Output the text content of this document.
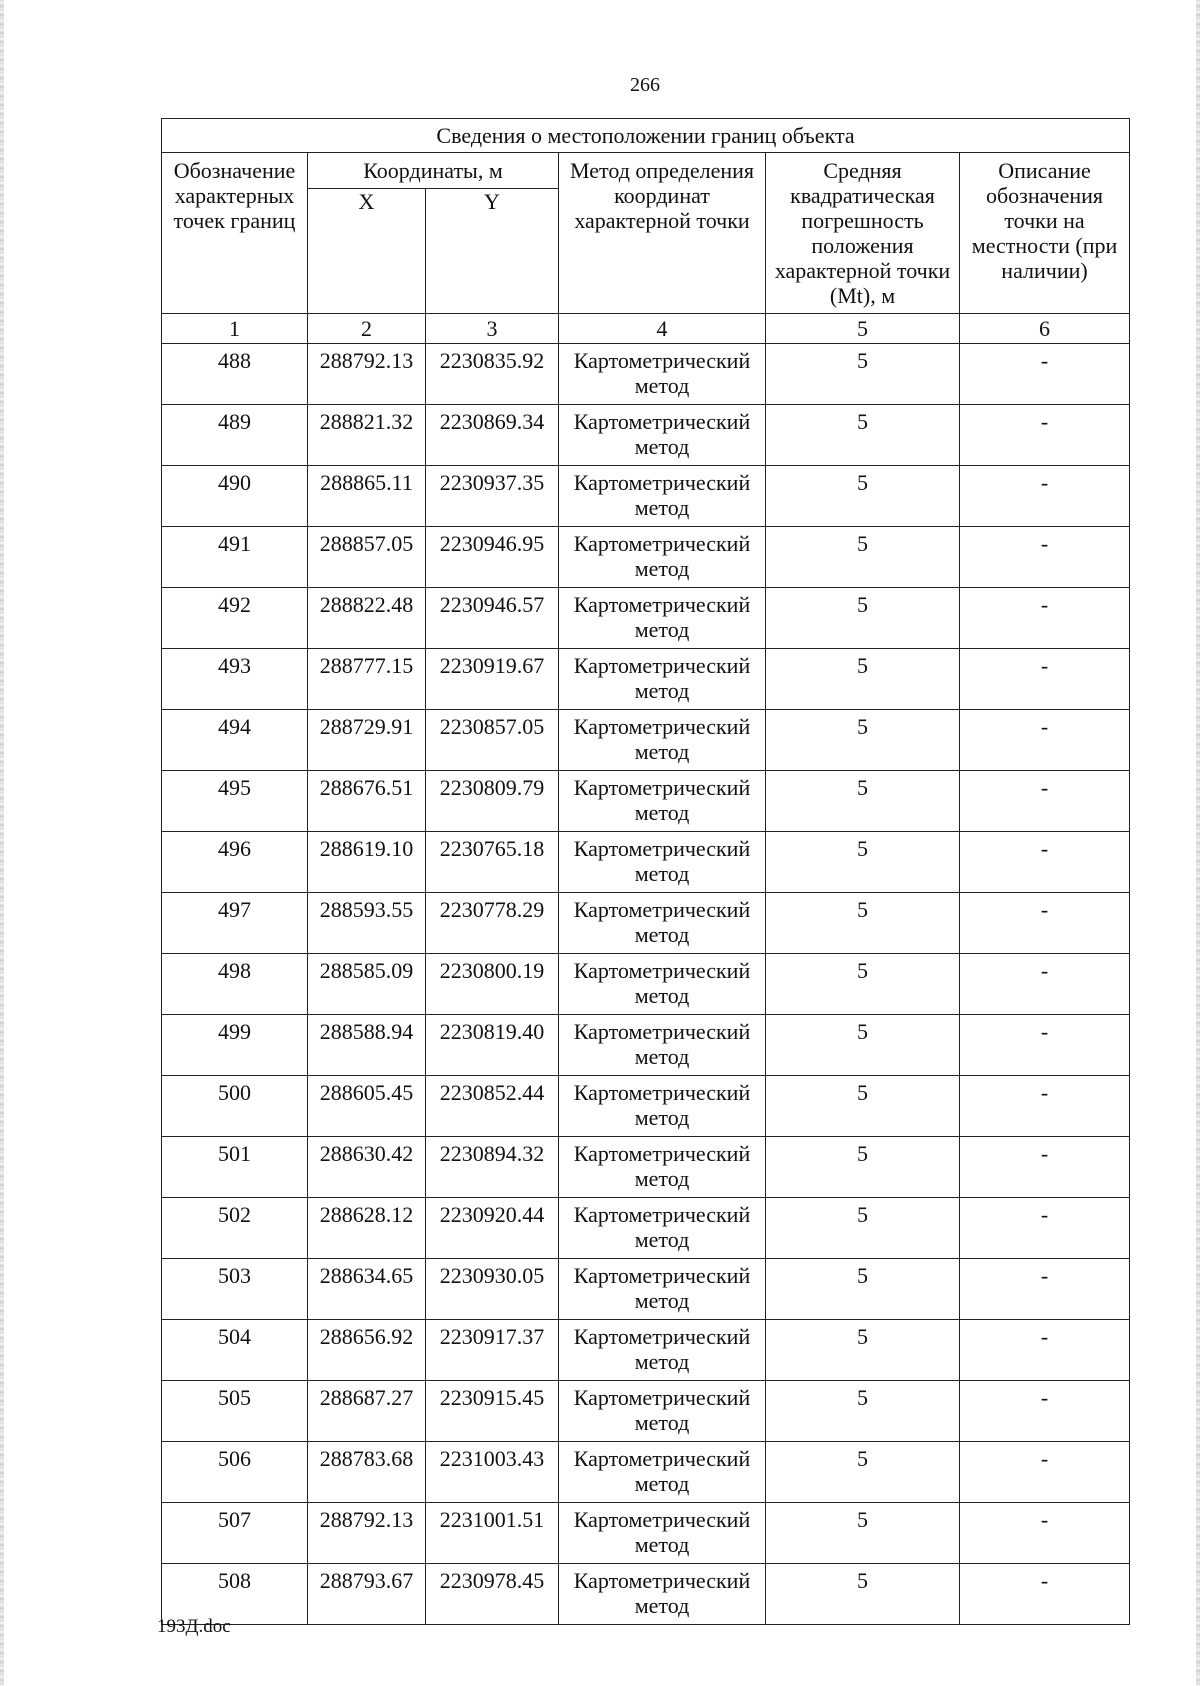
266
Сведения о местоположении границ объекта					
Обозначение характерных точек границ	Координаты, м		Метод определения координат характерной точки	Средняя квадратическая погрешность положения характерной точки (Mt), м	Описание обозначения точки на местности (при наличии)
	X	Y			
1	2	3	4	5	6
488	288792.13	2230835.92	Картометрический метод	5	-
489	288821.32	2230869.34	Картометрический метод	5	-
490	288865.11	2230937.35	Картометрический метод	5	-
491	288857.05	2230946.95	Картометрический метод	5	-
492	288822.48	2230946.57	Картометрический метод	5	-
493	288777.15	2230919.67	Картометрический метод	5	-
494	288729.91	2230857.05	Картометрический метод	5	-
495	288676.51	2230809.79	Картометрический метод	5	-
496	288619.10	2230765.18	Картометрический метод	5	-
497	288593.55	2230778.29	Картометрический метод	5	-
498	288585.09	2230800.19	Картометрический метод	5	-
499	288588.94	2230819.40	Картометрический метод	5	-
500	288605.45	2230852.44	Картометрический метод	5	-
501	288630.42	2230894.32	Картометрический метод	5	-
502	288628.12	2230920.44	Картометрический метод	5	-
503	288634.65	2230930.05	Картометрический метод	5	-
504	288656.92	2230917.37	Картометрический метод	5	-
505	288687.27	2230915.45	Картометрический метод	5	-
506	288783.68	2231003.43	Картометрический метод	5	-
507	288792.13	2231001.51	Картометрический метод	5	-
508	288793.67	2230978.45	Картометрический метод	5	-
193Д.doc
